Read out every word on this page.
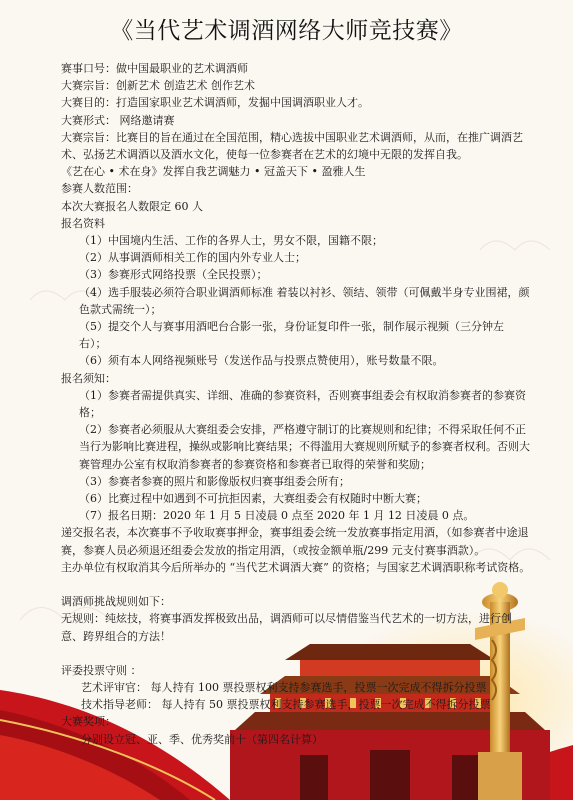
《当代艺术调酒网络大师竞技赛》

赛事口号：做中国最职业的艺术调酒师

大赛宗旨：创新艺术 创造艺术 创作艺术

大赛目的：打造国家职业艺术调酒师，发掘中国调酒职业人才。

大赛形式： 网络邀请赛

大赛宗旨：比赛目的旨在通过在全国范围，精心选拔中国职业艺术调酒师，从而，在推广调酒艺术、弘扬艺术调酒以及酒水文化，使每一位参赛者在艺术的幻境中无限的发挥自我。

《艺在心 • 术在身》发挥自我艺调魅力 • 冠盖天下 • 盈雅人生

参赛人数范围：

本次大赛报名人数限定 60 人

报名资料

（1）中国境内生活、工作的各界人士，男女不限，国籍不限；

（2）从事调酒师相关工作的国内外专业人士；

（3）参赛形式网络投票（全民投票）；

（4）选手服装必须符合职业调酒师标准 着装以衬衫、领结、领带（可佩戴半身专业围裙，颜色款式需统一）；

（5）提交个人与赛事用酒吧台合影一张，身份证复印件一张，制作展示视频（三分钟左右）；

（6）须有本人网络视频账号（发送作品与投票点赞使用），账号数量不限。

报名须知：

（1）参赛者需提供真实、详细、准确的参赛资料，否则赛事组委会有权取消参赛者的参赛资格；

（2）参赛者必须服从大赛组委会安排，严格遵守制订的比赛规则和纪律；不得采取任何不正当行为影响比赛进程，操纵或影响比赛结果；不得滥用大赛规则所赋予的参赛者权利。否则大赛管理办公室有权取消参赛者的参赛资格和参赛者已取得的荣誉和奖励；

（3）参赛者参赛的照片和影像版权归赛事组委会所有；

（6）比赛过程中如遇到不可抗拒因素，大赛组委会有权随时中断大赛；

（7）报名日期：2020 年 1 月 5 日凌晨 0 点至 2020 年 1 月 12 日凌晨 0 点。

递交报名表，本次赛事不予收取赛事押金，赛事组委会统一发放赛事指定用酒，（如参赛者中途退赛，参赛人员必须退还组委会发放的指定用酒，（或按金额单瓶/299 元支付赛事酒款）。

主办单位有权取消其今后所举办的 “当代艺术调酒大赛” 的资格；与国家艺术调酒职称考试资格。

调酒师挑战规则如下：

无规则：纯炫技，将赛事酒发挥极致出品，调酒师可以尽情借鉴当代艺术的一切方法，进行创意、跨界组合的方法！

评委投票守则 ：

艺术评审官： 每人持有 100 票投票权利支持参赛选手，投票一次完成不得拆分投票

技术指导老师： 每人持有 50 票投票权利支持参赛选手，投票一次完成不得拆分投票

大赛奖项：

分别设立冠、亚、季、优秀奖前十（第四名计算）
